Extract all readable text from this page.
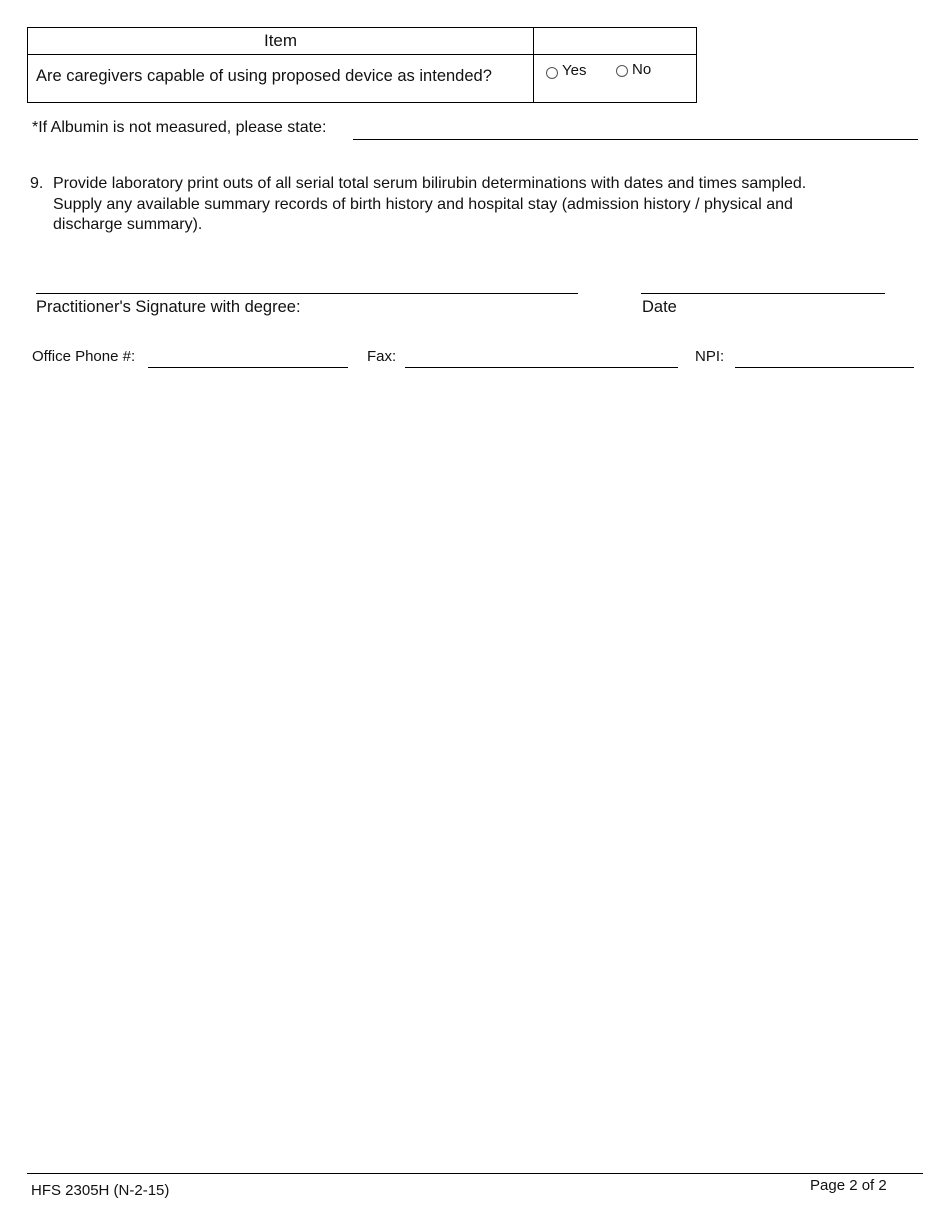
Item
Are caregivers capable of using proposed device as intended?	Yes	No
*If Albumin is not measured, please state:
9. Provide laboratory print outs of all serial total serum bilirubin determinations with dates and times sampled.
Supply any available summary records of birth history and hospital stay (admission history / physical and
discharge summary).
Practitioner's Signature with degree:	Date
Office Phone #:	Fax:	NPI:
HFS 2305H (N-2-15)	Page 2 of 2
